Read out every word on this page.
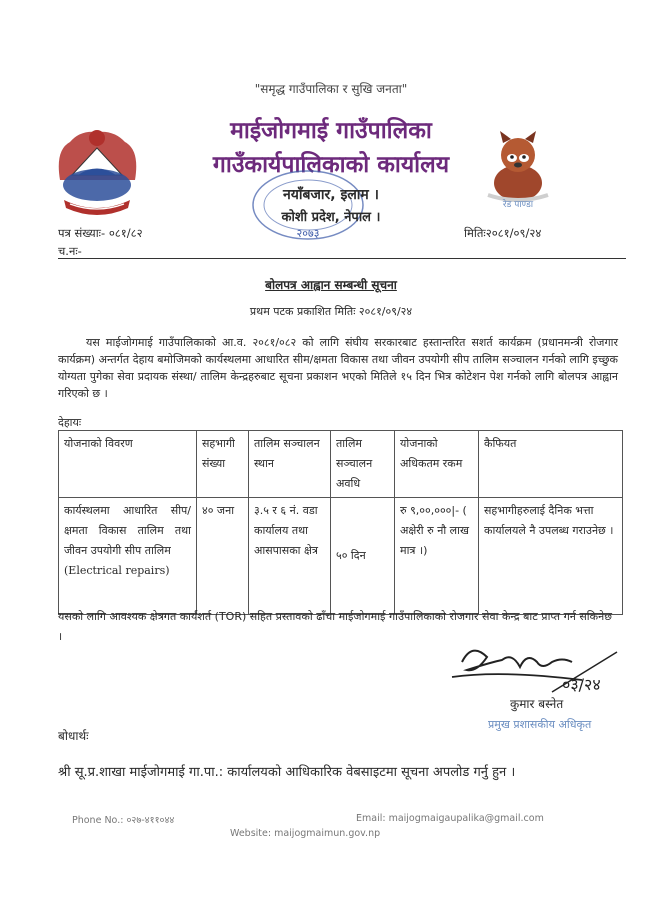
"समृद्ध गाउँपालिका र सुखि जनता"
माईजोगमाई गाउँपालिका
गाउँकार्यपालिकाको कार्यालय
नयाँबजार, इलाम ।
कोशी प्रदेश, नेपाल ।
२०७३
रेड पाण्डा
पत्र संख्याः- ०८१/८२
च.नः-
मितिः२०८१/०९/२४
बोलपत्र आह्वान सम्बन्धी सूचना
प्रथम पटक प्रकाशित मितिः २०८१/०९/२४
यस माईजोगमाई गाउँपालिकाको आ.व. २०८१/०८२ को लागि संघीय सरकारबाट हस्तान्तरित सशर्त कार्यक्रम (प्रधानमन्त्री रोजगार कार्यक्रम) अन्तर्गत देहाय बमोजिमको कार्यस्थलमा आधारित सीम/क्षमता विकास तथा जीवन उपयोगी सीप तालिम सञ्चालन गर्नको लागि इच्छुक योग्यता पुगेका सेवा प्रदायक संस्था/ तालिम केन्द्रहरुबाट सूचना प्रकाशन भएको मितिले १५ दिन भित्र कोटेशन पेश गर्नको लागि बोलपत्र आह्वान गरिएको छ ।
देहायः
योजनाको विवरण	सहभागी संख्या	तालिम सञ्चालन स्थान	तालिम सञ्चालन अवधि	योजनाको अधिकतम रकम	कैफियत

कार्यस्थलमा आधारित सीप/ क्षमता विकास तालिम तथा जीवन उपयोगी सीप तालिम
(Electrical repairs)	४० जना	३.५ र ६ नं. वडा कार्यालय तथा आसपासका क्षेत्र	५० दिन	रु ९,००,०००|- ( अक्षेरी रु नौ लाख मात्र ।)	सहभागीहरुलाई दैनिक भत्ता कार्यालयले नै उपलब्ध गराउनेछ ।
यसको लागि आवश्यक क्षेत्रगत कार्यशर्त (TOR) सहित प्रस्तावको ढाँचा माईजोगमाई गाउँपालिकाको रोजगार सेवा केन्द्र बाट प्राप्त गर्न सकिनेछ ।
०३/२४
कुमार बस्नेत
प्रमुख प्रशासकीय अधिकृत
बोधार्थः
श्री सू.प्र.शाखा माईजोगमाई गा.पा.: कार्यालयको आधिकारिक वेबसाइटमा सूचना अपलोड गर्नु हुन ।
Phone No.: ०२७-४११०४४	Email: maijogmaigaupalika@gmail.com
Website: maijogmaimun.gov.np
